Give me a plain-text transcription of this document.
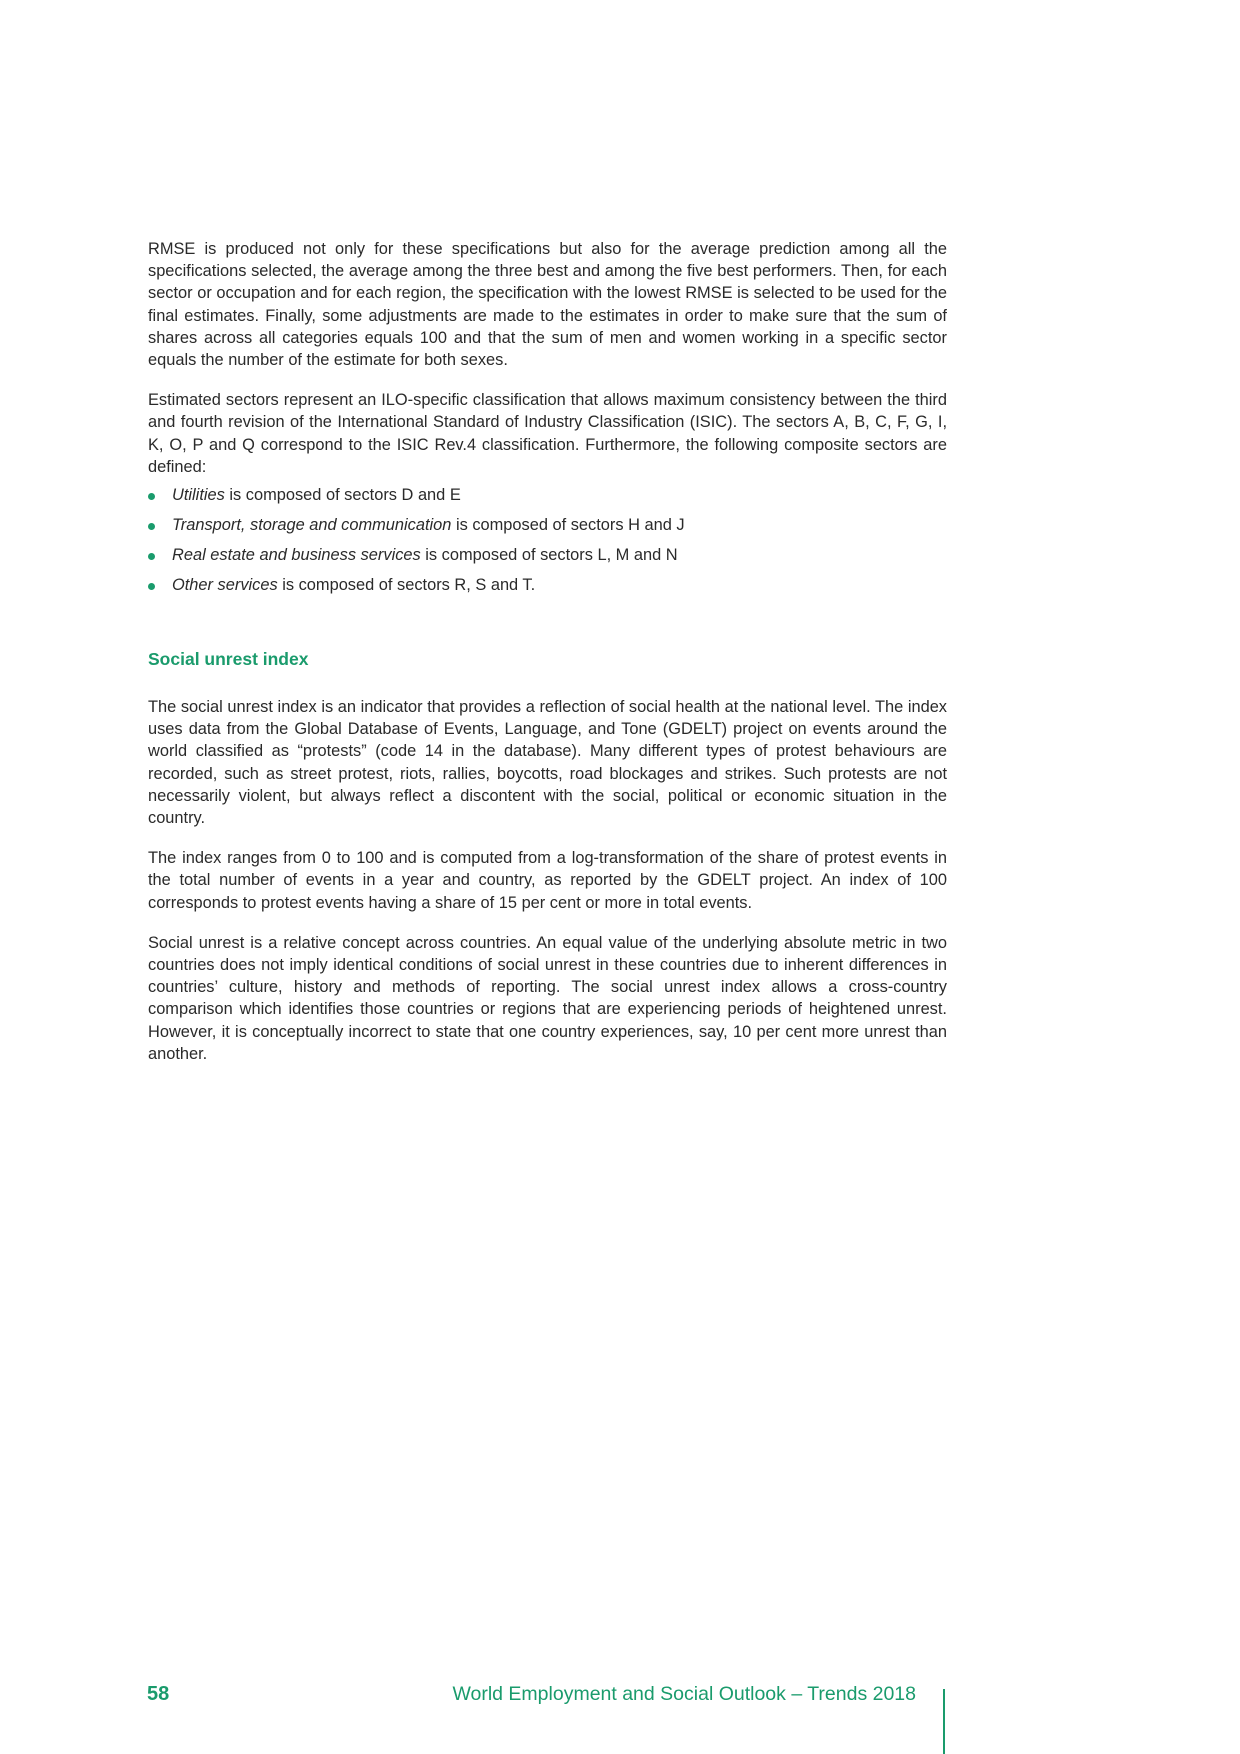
RMSE is produced not only for these specifications but also for the average prediction among all the specifications selected, the average among the three best and among the five best performers. Then, for each sector or occupation and for each region, the specification with the lowest RMSE is selected to be used for the final estimates. Finally, some adjustments are made to the estimates in order to make sure that the sum of shares across all categories equals 100 and that the sum of men and women working in a specific sector equals the number of the estimate for both sexes.

Estimated sectors represent an ILO-specific classification that allows maximum consistency between the third and fourth revision of the International Standard of Industry Classification (ISIC). The sectors A, B, C, F, G, I, K, O, P and Q correspond to the ISIC Rev.4 classification. Furthermore, the following composite sectors are defined:

Utilities is composed of sectors D and E
Transport, storage and communication is composed of sectors H and J
Real estate and business services is composed of sectors L, M and N
Other services is composed of sectors R, S and T.
Social unrest index

The social unrest index is an indicator that provides a reflection of social health at the national level. The index uses data from the Global Database of Events, Language, and Tone (GDELT) project on events around the world classified as “protests” (code 14 in the database). Many different types of protest behaviours are recorded, such as street protest, riots, rallies, boycotts, road blockages and strikes. Such protests are not necessarily violent, but always reflect a discontent with the social, political or economic situation in the country.

The index ranges from 0 to 100 and is computed from a log-transformation of the share of protest events in the total number of events in a year and country, as reported by the GDELT project. An index of 100 corresponds to protest events having a share of 15 per cent or more in total events.

Social unrest is a relative concept across countries. An equal value of the underlying absolute metric in two countries does not imply identical conditions of social unrest in these countries due to inherent differences in countries’ culture, history and methods of reporting. The social unrest index allows a cross-country comparison which identifies those countries or regions that are experiencing periods of heightened unrest. However, it is conceptually incorrect to state that one country experiences, say, 10 per cent more unrest than another.

58	World Employment and Social Outlook – Trends 2018
